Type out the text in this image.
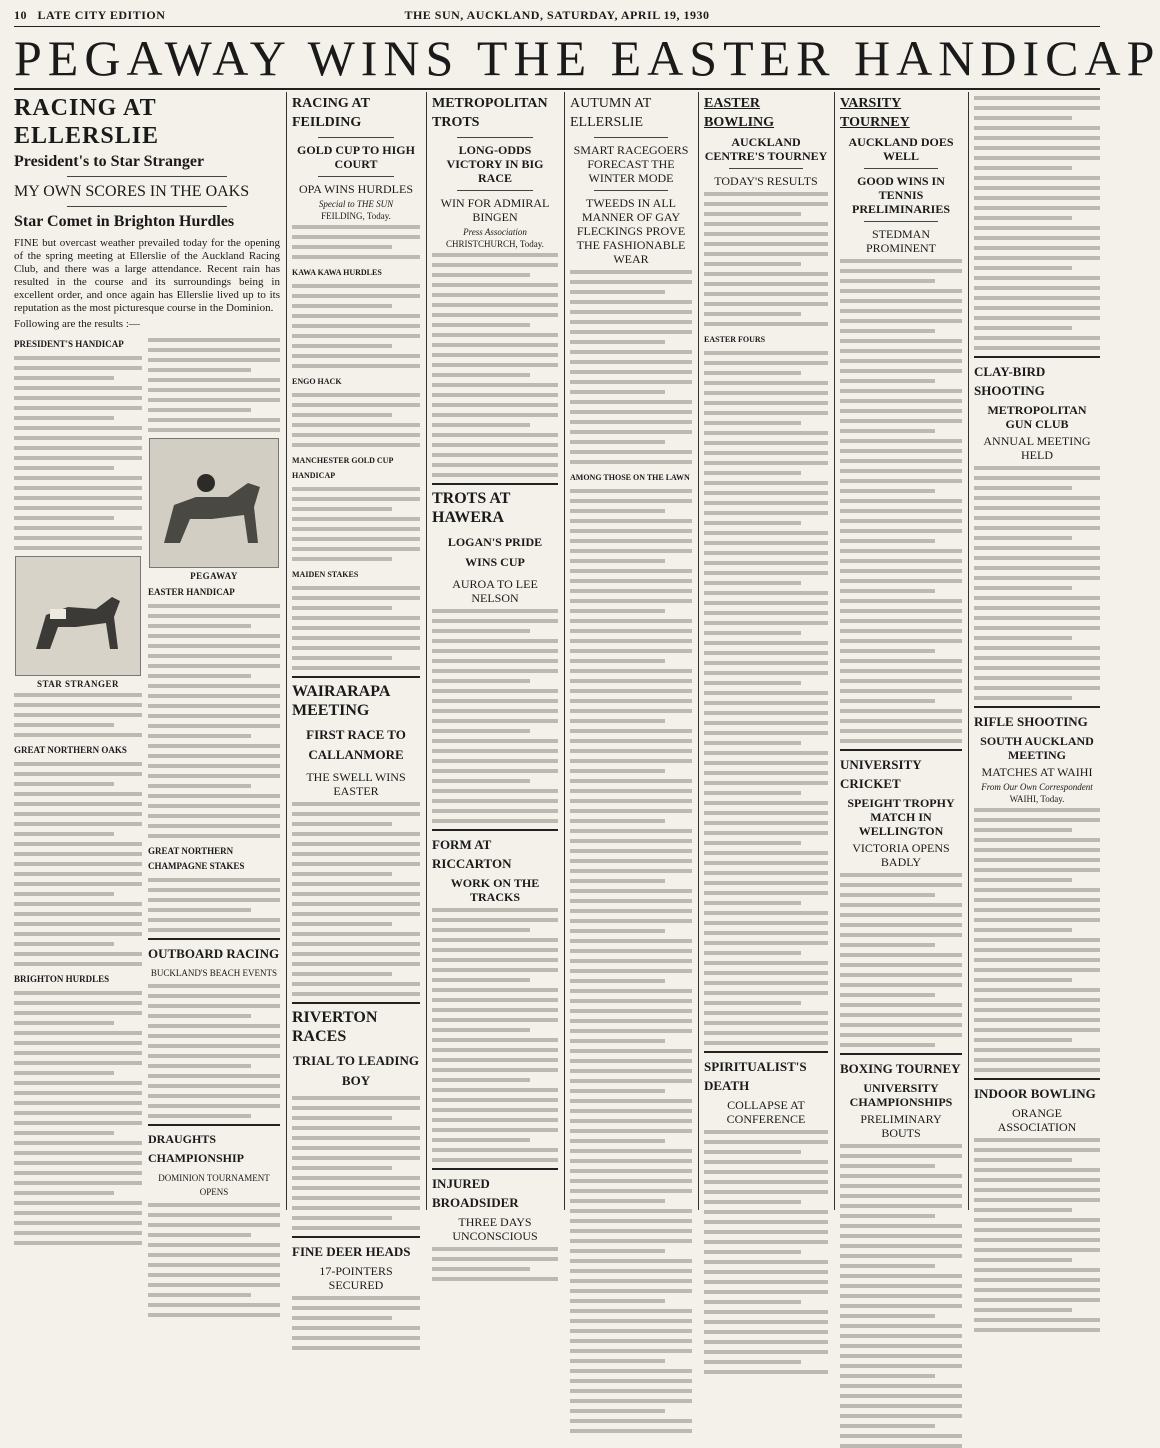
10 LATE CITY EDITION	THE SUN, AUCKLAND, SATURDAY, APRIL 19, 1930
PEGAWAY WINS THE EASTER HANDICAP
RACING AT ELLERSLIE
President's to Star Stranger
MY OWN SCORES IN THE OAKS
Star Comet in Brighton Hurdles

FINE but overcast weather prevailed today for the opening of the spring meeting at Ellerslie of the Auckland Racing Club, and there was a large attendance. Recent rain has resulted in the course and its surroundings being in excellent order, and once again has Ellerslie lived up to its reputation as the most picturesque course in the Dominion.

Following are the results :—

PRESIDENT'S HANDICAP
STAR STRANGER
GREAT NORTHERN OAKS
BRIGHTON HURDLES
PEGAWAY
EASTER HANDICAP
GREAT NORTHERN CHAMPAGNE STAKES
OUTBOARD RACING
BUCKLAND'S BEACH EVENTS
DRAUGHTS CHAMPIONSHIP
DOMINION TOURNAMENT OPENS
RACING AT FEILDING
GOLD CUP TO HIGH COURT
OPA WINS HURDLES
Special to THE SUN
FEILDING, Today.
KAWA KAWA HURDLES
ENGO HACK
MANCHESTER GOLD CUP HANDICAP
MAIDEN STAKES
WAIRARAPA MEETING
FIRST RACE TO CALLANMORE
THE SWELL WINS EASTER
RIVERTON RACES
TRIAL TO LEADING BOY
FINE DEER HEADS
17-POINTERS SECURED
METROPOLITAN TROTS
LONG-ODDS VICTORY IN BIG RACE
WIN FOR ADMIRAL BINGEN
Press Association
CHRISTCHURCH, Today.
TROTS AT HAWERA
LOGAN'S PRIDE WINS CUP
AUROA TO LEE NELSON
FORM AT RICCARTON
WORK ON THE TRACKS
INJURED BROADSIDER
THREE DAYS UNCONSCIOUS
AUTUMN AT ELLERSLIE
SMART RACEGOERS FORECAST THE WINTER MODE
TWEEDS IN ALL MANNER OF GAY FLECKINGS PROVE THE FASHIONABLE WEAR
AMONG THOSE ON THE LAWN
EASTER BOWLING
AUCKLAND CENTRE'S TOURNEY
TODAY'S RESULTS
EASTER FOURS
SPIRITUALIST'S DEATH
COLLAPSE AT CONFERENCE
VARSITY TOURNEY
AUCKLAND DOES WELL
GOOD WINS IN TENNIS PRELIMINARIES
STEDMAN PROMINENT
UNIVERSITY CRICKET
SPEIGHT TROPHY MATCH IN WELLINGTON
VICTORIA OPENS BADLY
BOXING TOURNEY
UNIVERSITY CHAMPIONSHIPS
PRELIMINARY BOUTS
CLAY-BIRD SHOOTING
METROPOLITAN GUN CLUB
ANNUAL MEETING HELD
RIFLE SHOOTING
SOUTH AUCKLAND MEETING
MATCHES AT WAIHI
From Our Own Correspondent
WAIHI, Today.
INDOOR BOWLING
ORANGE ASSOCIATION
